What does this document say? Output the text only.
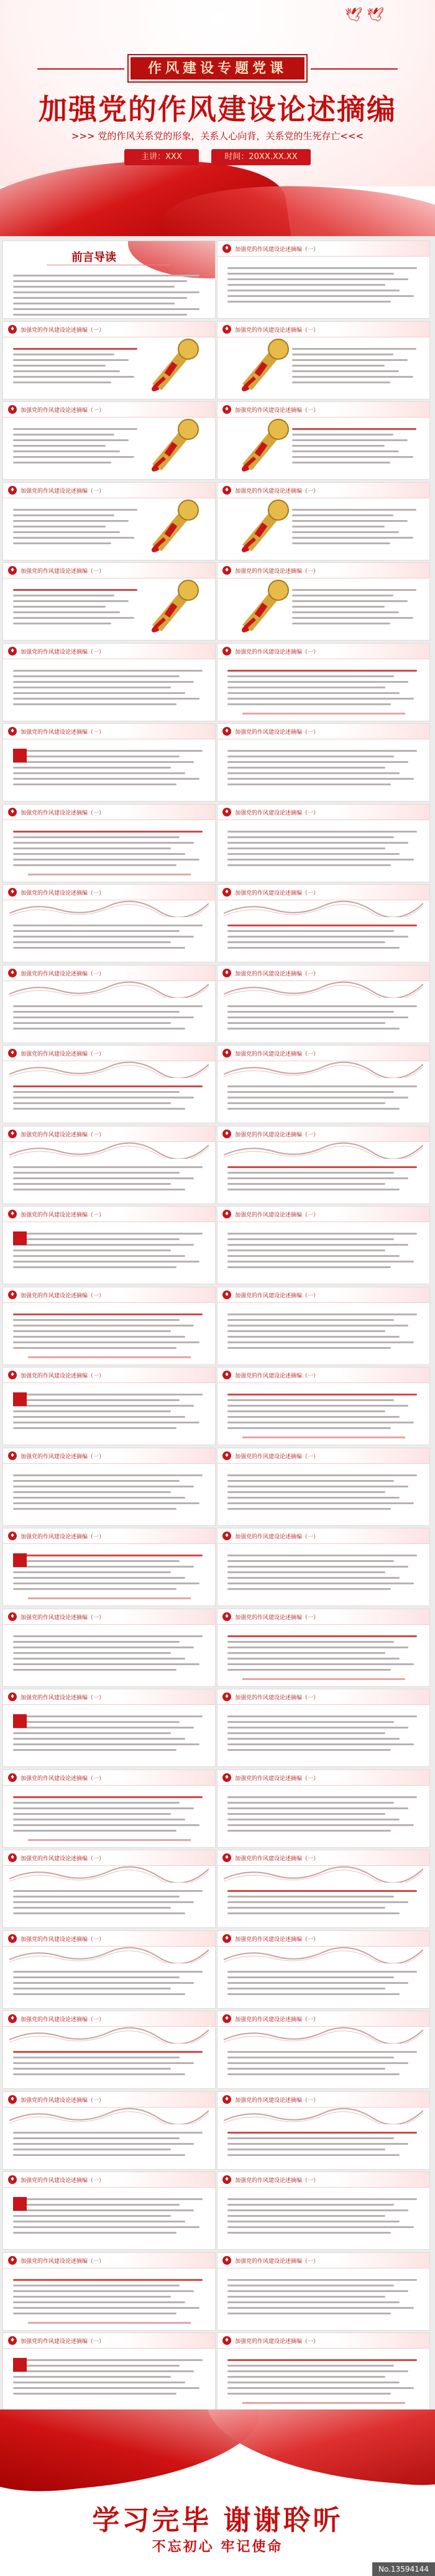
🕊 🕊
作风建设专题党课
加强党的作风建设论述摘编
>>> 党的作风关系党的形象，关系人心向背，关系党的生死存亡<<<
主讲：XXX	时间：20XX.XX.XX
前言导读
♦ 加强党的作风建设论述摘编（一）
♦ 加强党的作风建设论述摘编（一）	♦ 加强党的作风建设论述摘编（一）
♦ 加强党的作风建设论述摘编（一）	♦ 加强党的作风建设论述摘编（一）
♦ 加强党的作风建设论述摘编（一）	♦ 加强党的作风建设论述摘编（一）
♦ 加强党的作风建设论述摘编（一）	♦ 加强党的作风建设论述摘编（一）
♦ 加强党的作风建设论述摘编（一）	♦ 加强党的作风建设论述摘编（一）
♦ 加强党的作风建设论述摘编（一）	♦ 加强党的作风建设论述摘编（一）
♦ 加强党的作风建设论述摘编（一）	♦ 加强党的作风建设论述摘编（一）
♦ 加强党的作风建设论述摘编（一）	♦ 加强党的作风建设论述摘编（一）
♦ 加强党的作风建设论述摘编（一）	♦ 加强党的作风建设论述摘编（一）
♦ 加强党的作风建设论述摘编（一）	♦ 加强党的作风建设论述摘编（一）
♦ 加强党的作风建设论述摘编（一）	♦ 加强党的作风建设论述摘编（一）
♦ 加强党的作风建设论述摘编（一）	♦ 加强党的作风建设论述摘编（一）
♦ 加强党的作风建设论述摘编（一）	♦ 加强党的作风建设论述摘编（一）
♦ 加强党的作风建设论述摘编（一）	♦ 加强党的作风建设论述摘编（一）
♦ 加强党的作风建设论述摘编（一）	♦ 加强党的作风建设论述摘编（一）
♦ 加强党的作风建设论述摘编（一）	♦ 加强党的作风建设论述摘编（一）
♦ 加强党的作风建设论述摘编（一）	♦ 加强党的作风建设论述摘编（一）
♦ 加强党的作风建设论述摘编（一）	♦ 加强党的作风建设论述摘编（一）
♦ 加强党的作风建设论述摘编（一）	♦ 加强党的作风建设论述摘编（一）
♦ 加强党的作风建设论述摘编（一）	♦ 加强党的作风建设论述摘编（一）
♦ 加强党的作风建设论述摘编（一）	♦ 加强党的作风建设论述摘编（一）
♦ 加强党的作风建设论述摘编（一）	♦ 加强党的作风建设论述摘编（一）
♦ 加强党的作风建设论述摘编（一）	♦ 加强党的作风建设论述摘编（一）
♦ 加强党的作风建设论述摘编（一）	♦ 加强党的作风建设论述摘编（一）
♦ 加强党的作风建设论述摘编（一）	♦ 加强党的作风建设论述摘编（一）
♦ 加强党的作风建设论述摘编（一）	♦ 加强党的作风建设论述摘编（一）
学习完毕 谢谢聆听
不忘初心 牢记使命
No.13594144
